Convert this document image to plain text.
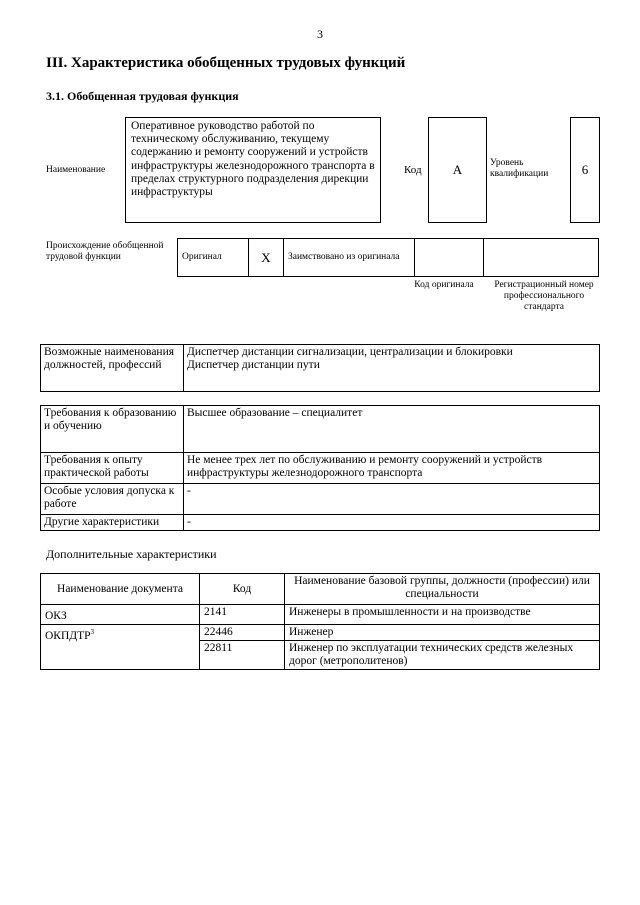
3
III. Характеристика обобщенных трудовых функций
3.1. Обобщенная трудовая функция
Наименование
Оперативное руководство работой по техническому обслуживанию, текущему содержанию и ремонту сооружений и устройств инфраструктуры железнодорожного транспорта в пределах структурного подразделения дирекции инфраструктуры
Код	А	Уровень квалификации	6
Происхождение обобщенной трудовой функции	Оригинал	X	Заимствовано из оригинала		
Код оригинала	Регистрационный номер профессионального стандарта
Возможные наименования должностей, профессий	
Диспетчер дистанции сигнализации, централизации и блокировки
Диспетчер дистанции пути
Требования к образованию и обучению	Высшее образование – специалитет
Требования к опыту практической работы	Не менее трех лет по обслуживанию и ремонту сооружений и устройств инфраструктуры железнодорожного транспорта
Особые условия допуска к работе	-
Другие характеристики	-
Дополнительные характеристики
Наименование документа	Код	Наименование базовой группы, должности (профессии) или специальности
ОКЗ	2141	Инженеры в промышленности и на производстве
ОКПДТР$^3$	22446	Инженер
	22811	Инженер по эксплуатации технических средств железных дорог (метрополитенов)
